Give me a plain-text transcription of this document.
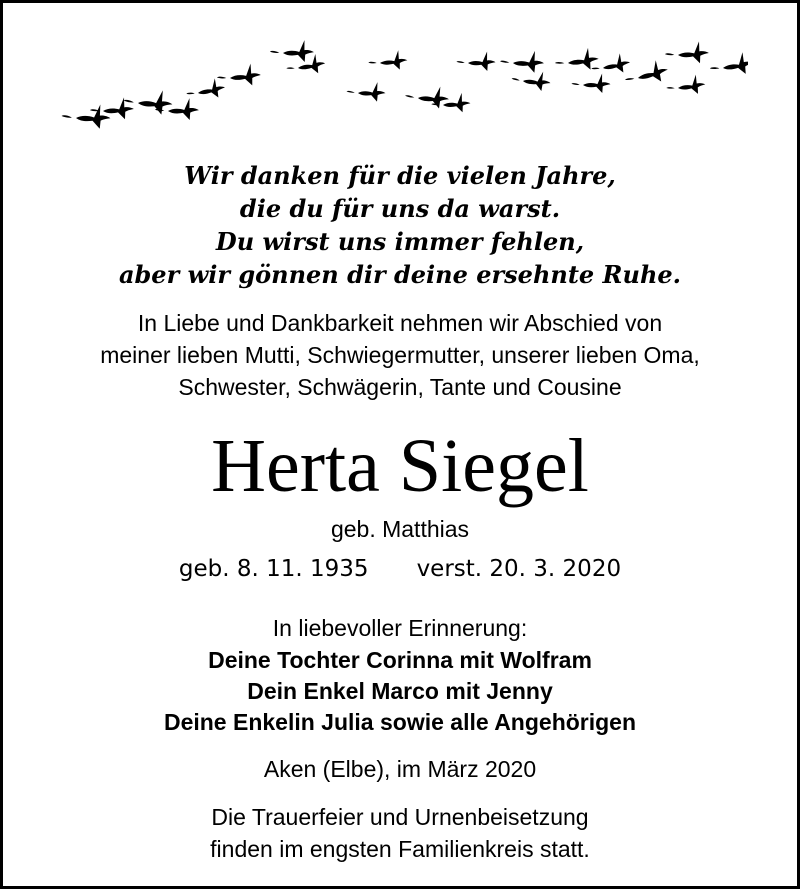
Wir danken für die vielen Jahre,
die du für uns da warst.
Du wirst uns immer fehlen,
aber wir gönnen dir deine ersehnte Ruhe.
In Liebe und Dankbarkeit nehmen wir Abschied von
meiner lieben Mutti, Schwiegermutter, unserer lieben Oma,
Schwester, Schwägerin, Tante und Cousine
Herta Siegel
geb. Matthias
geb. 8. 11. 1935 verst. 20. 3. 2020
In liebevoller Erinnerung:
Deine Tochter Corinna mit Wolfram
Dein Enkel Marco mit Jenny
Deine Enkelin Julia sowie alle Angehörigen
Aken (Elbe), im März 2020
Die Trauerfeier und Urnenbeisetzung
finden im engsten Familienkreis statt.
